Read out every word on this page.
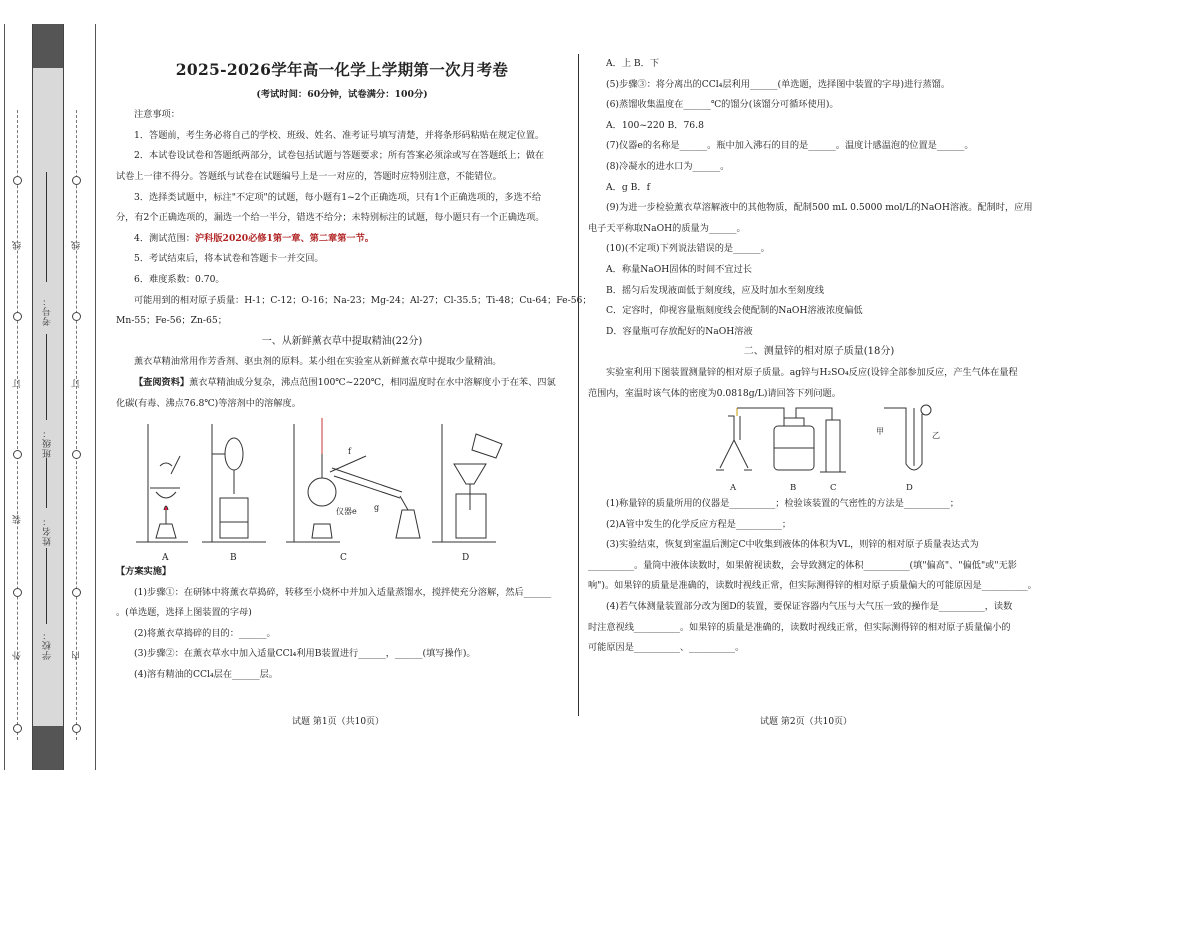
线
装
订
外
线
订
内
考号：
班级：
姓名：
学校：
2025-2026学年高一化学上学期第一次月考卷
(考试时间：60分钟，试卷满分：100分)

注意事项：

1．答题前，考生务必将自己的学校、班级、姓名、准考证号填写清楚，并将条形码粘贴在规定位置。

2．本试卷设试卷和答题纸两部分，试卷包括试题与答题要求；所有答案必须涂或写在答题纸上；做在

试卷上一律不得分。答题纸与试卷在试题编号上是一一对应的，答题时应特别注意，不能错位。

3．选择类试题中，标注"不定项"的试题，每小题有1~2个正确选项，只有1个正确选项的，多选不给

分，有2个正确选项的，漏选一个给一半分，错选不给分；未特别标注的试题，每小题只有一个正确选项。

4．测试范围：沪科版2020必修1第一章、第二章第一节。

5．考试结束后，将本试卷和答题卡一并交回。

6．难度系数：0.70。

可能用到的相对原子质量：H-1；C-12；O-16；Na-23；Mg-24；Al-27；Cl-35.5；Ti-48；Cu-64；Fe-56；

Mn-55；Fe-56；Zn-65；

一、从新鲜薰衣草中提取精油(22分)

薰衣草精油常用作芳香剂、驱虫剂的原料。某小组在实验室从新鲜薰衣草中提取少量精油。

【查阅资料】薰衣草精油成分复杂，沸点范围100℃~220℃，相同温度时在水中溶解度小于在苯、四氯

化碳(有毒、沸点76.8℃)等溶剂中的溶解度。

A	B	C	D
f
仪器e g

【方案实施】

(1)步骤①：在研钵中将薰衣草捣碎，转移至小烧杯中并加入适量蒸馏水，搅拌使充分溶解，然后______

。(单选题，选择上图装置的字母)

(2)将薰衣草捣碎的目的：______。

(3)步骤②：在薰衣草水中加入适量CCl₄利用B装置进行______，______(填写操作)。

(4)溶有精油的CCl₄层在______层。

A．上 B．下

(5)步骤③：将分离出的CCl₄层利用______(单选题，选择图中装置的字母)进行蒸馏。

(6)蒸馏收集温度在______℃的馏分(该馏分可循环使用)。

A．100~220 B．76.8

(7)仪器e的名称是______。瓶中加入沸石的目的是______。温度计感温泡的位置是______。

(8)冷凝水的进水口为______。

A．g B．f

(9)为进一步检验薰衣草溶解液中的其他物质，配制500 mL 0.5000 mol/L的NaOH溶液。配制时，应用

电子天平称取NaOH的质量为______。

(10)(不定项)下列说法错误的是______。

A．称量NaOH固体的时间不宜过长

B．摇匀后发现液面低于刻度线，应及时加水至刻度线

C．定容时，仰视容量瓶刻度线会使配制的NaOH溶液浓度偏低

D．容量瓶可存放配好的NaOH溶液

二、测量锌的相对原子质量(18分)

实验室利用下图装置测量锌的相对原子质量。ag锌与H₂SO₄反应(设锌全部参加反应，产生气体在量程

范围内，室温时该气体的密度为0.0818g/L)请回答下列问题。

A	B	C	D
甲	乙

(1)称量锌的质量所用的仪器是__________；检验该装置的气密性的方法是__________；

(2)A管中发生的化学反应方程是__________；

(3)实验结束，恢复到室温后测定C中收集到液体的体积为VL，则锌的相对原子质量表达式为

__________。量筒中液体读数时，如果俯视读数，会导致测定的体积__________(填"偏高"、"偏低"或"无影

响")。如果锌的质量是准确的，读数时视线正常，但实际测得锌的相对原子质量偏大的可能原因是__________。

(4)若气体测量装置部分改为图D的装置，要保证容器内气压与大气压一致的操作是__________，读数

时注意视线__________。如果锌的质量是准确的，读数时视线正常，但实际测得锌的相对原子质量偏小的

可能原因是__________、__________。

试题 第1页（共10页）	试题 第2页（共10页）
